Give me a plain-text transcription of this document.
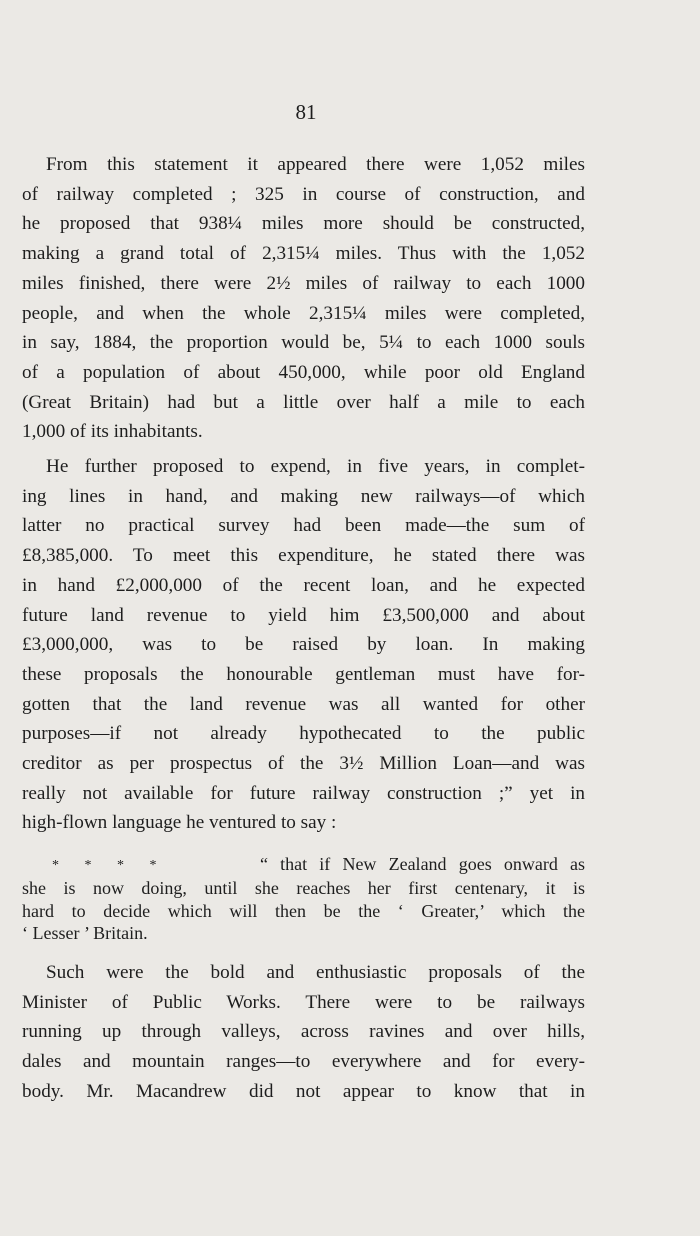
81
From this statement it appeared there were 1,052 miles
of railway completed ; 325 in course of construction, and
he proposed that 938¼ miles more should be constructed,
making a grand total of 2,315¼ miles. Thus with the 1,052
miles finished, there were 2½ miles of railway to each 1000
people, and when the whole 2,315¼ miles were completed,
in say, 1884, the proportion would be, 5¼ to each 1000 souls
of a population of about 450,000, while poor old England
(Great Britain) had but a little over half a mile to each
1,000 of its inhabitants.
He further proposed to expend, in five years, in complet-
ing lines in hand, and making new railways—of which
latter no practical survey had been made—the sum of
£8,385,000. To meet this expenditure, he stated there was
in hand £2,000,000 of the recent loan, and he expected
future land revenue to yield him £3,500,000 and about
£3,000,000, was to be raised by loan. In making
these proposals the honourable gentleman must have for-
gotten that the land revenue was all wanted for other
purposes—if not already hypothecated to the public
creditor as per prospectus of the 3½ Million Loan—and was
really not available for future railway construction ;” yet in
high-flown language he ventured to say :
* * * *	“ that if New Zealand goes onward as
she is now doing, until she reaches her first centenary, it is
hard to decide which will then be the ‘ Greater,’ which the
‘ Lesser ’ Britain.
Such were the bold and enthusiastic proposals of the
Minister of Public Works. There were to be railways
running up through valleys, across ravines and over hills,
dales and mountain ranges—to everywhere and for every-
body. Mr. Macandrew did not appear to know that in
